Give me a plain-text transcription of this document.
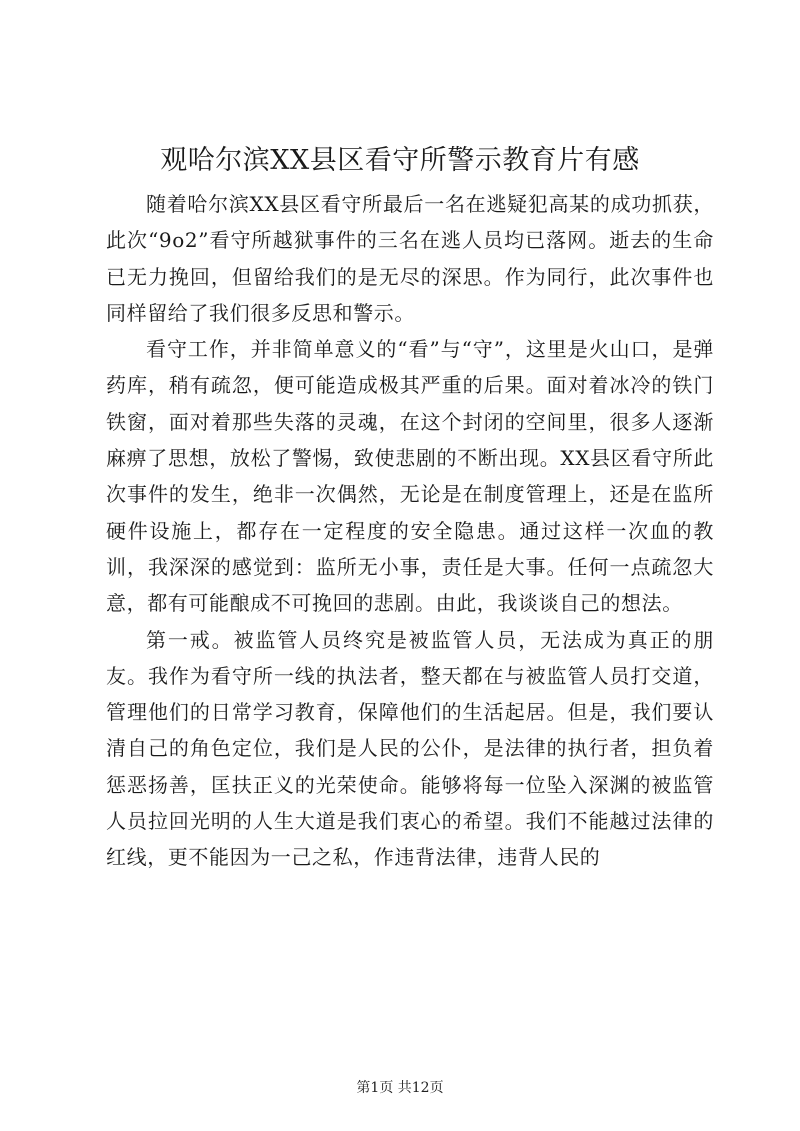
观哈尔滨XX县区看守所警示教育片有感

随着哈尔滨XX县区看守所最后一名在逃疑犯高某的成功抓获，此次“9o2”看守所越狱事件的三名在逃人员均已落网。逝去的生命已无力挽回，但留给我们的是无尽的深思。作为同行，此次事件也同样留给了我们很多反思和警示。

看守工作，并非简单意义的“看”与“守”，这里是火山口，是弹药库，稍有疏忽，便可能造成极其严重的后果。面对着冰冷的铁门铁窗，面对着那些失落的灵魂，在这个封闭的空间里，很多人逐渐麻痹了思想，放松了警惕，致使悲剧的不断出现。XX县区看守所此次事件的发生，绝非一次偶然，无论是在制度管理上，还是在监所硬件设施上，都存在一定程度的安全隐患。通过这样一次血的教训，我深深的感觉到：监所无小事，责任是大事。任何一点疏忽大意，都有可能酿成不可挽回的悲剧。由此，我谈谈自己的想法。

第一戒。被监管人员终究是被监管人员，无法成为真正的朋友。我作为看守所一线的执法者，整天都在与被监管人员打交道，管理他们的日常学习教育，保障他们的生活起居。但是，我们要认清自己的角色定位，我们是人民的公仆，是法律的执行者，担负着惩恶扬善，匡扶正义的光荣使命。能够将每一位坠入深渊的被监管人员拉回光明的人生大道是我们衷心的希望。我们不能越过法律的红线，更不能因为一己之私，作违背法律，违背人民的

第1页 共12页
